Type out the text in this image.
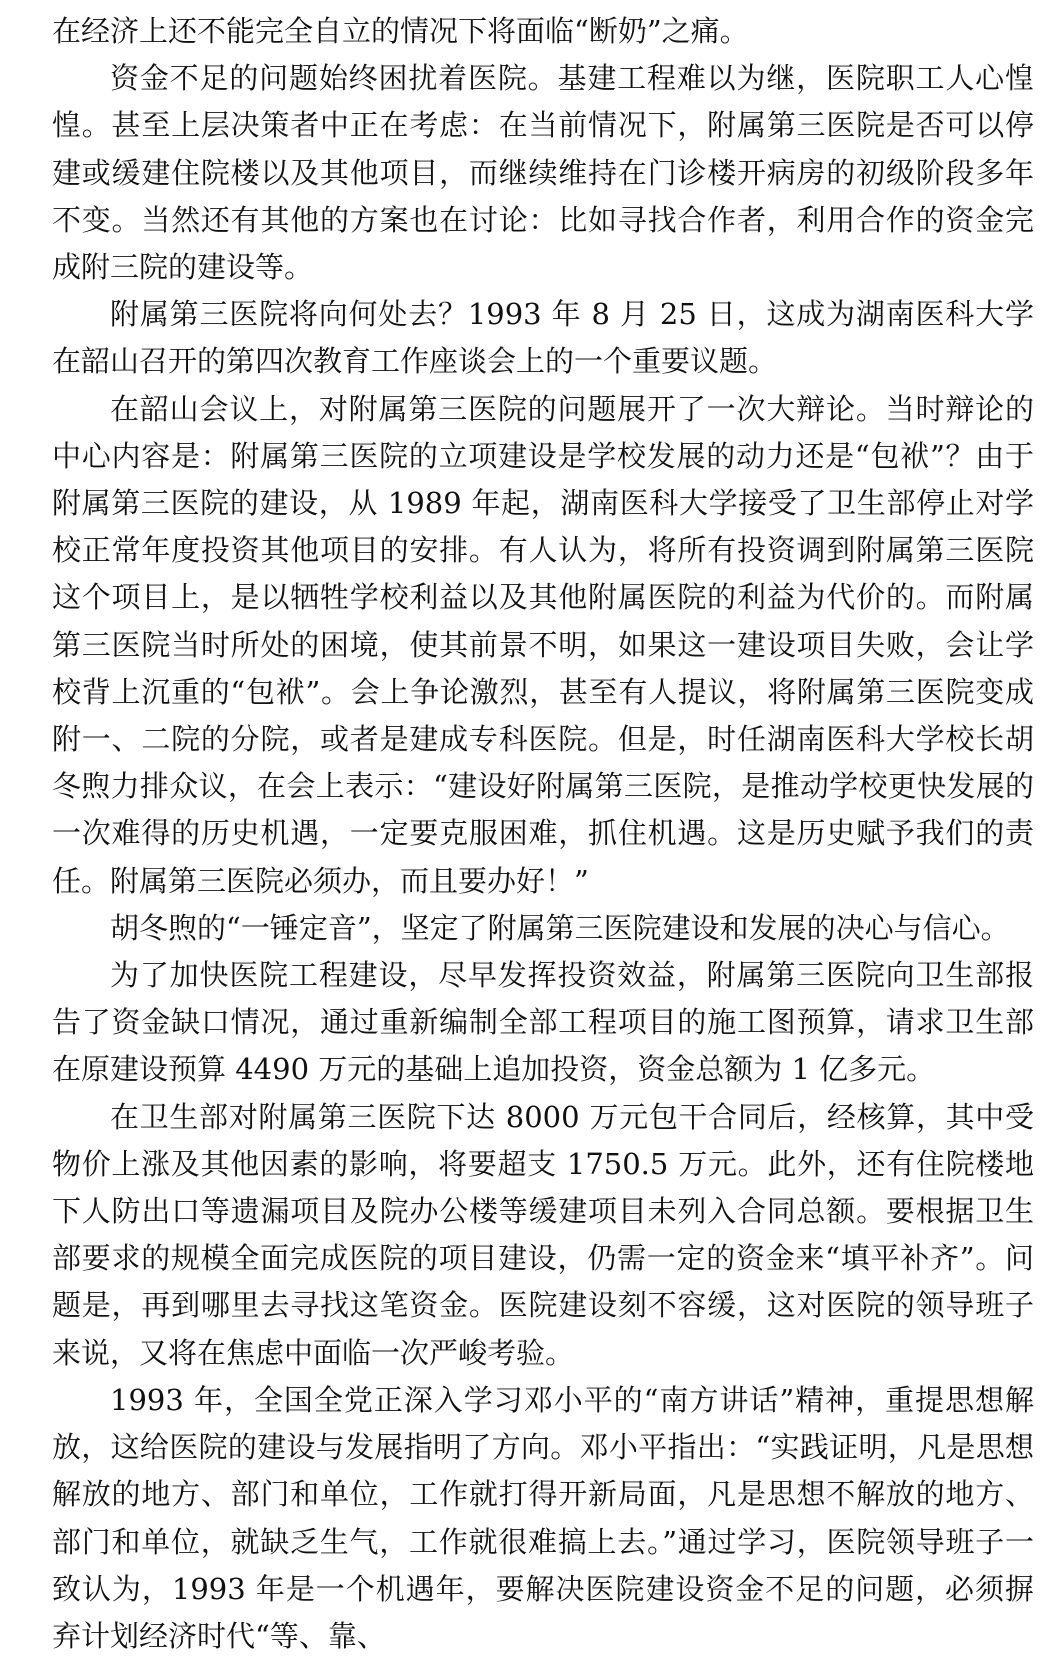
在经济上还不能完全自立的情况下将面临“断奶”之痛。

资金不足的问题始终困扰着医院。基建工程难以为继，医院职工人心惶惶。甚至上层决策者中正在考虑：在当前情况下，附属第三医院是否可以停建或缓建住院楼以及其他项目，而继续维持在门诊楼开病房的初级阶段多年不变。当然还有其他的方案也在讨论：比如寻找合作者，利用合作的资金完成附三院的建设等。

附属第三医院将向何处去？1993 年 8 月 25 日，这成为湖南医科大学在韶山召开的第四次教育工作座谈会上的一个重要议题。

在韶山会议上，对附属第三医院的问题展开了一次大辩论。当时辩论的中心内容是：附属第三医院的立项建设是学校发展的动力还是“包袱”？由于附属第三医院的建设，从 1989 年起，湖南医科大学接受了卫生部停止对学校正常年度投资其他项目的安排。有人认为，将所有投资调到附属第三医院这个项目上，是以牺牲学校利益以及其他附属医院的利益为代价的。而附属第三医院当时所处的困境，使其前景不明，如果这一建设项目失败，会让学校背上沉重的“包袱”。会上争论激烈，甚至有人提议，将附属第三医院变成附一、二院的分院，或者是建成专科医院。但是，时任湖南医科大学校长胡冬煦力排众议，在会上表示：“建设好附属第三医院，是推动学校更快发展的一次难得的历史机遇，一定要克服困难，抓住机遇。这是历史赋予我们的责任。附属第三医院必须办，而且要办好！”

胡冬煦的“一锤定音”，坚定了附属第三医院建设和发展的决心与信心。

为了加快医院工程建设，尽早发挥投资效益，附属第三医院向卫生部报告了资金缺口情况，通过重新编制全部工程项目的施工图预算，请求卫生部在原建设预算 4490 万元的基础上追加投资，资金总额为 1 亿多元。

在卫生部对附属第三医院下达 8000 万元包干合同后，经核算，其中受物价上涨及其他因素的影响，将要超支 1750.5 万元。此外，还有住院楼地下人防出口等遗漏项目及院办公楼等缓建项目未列入合同总额。要根据卫生部要求的规模全面完成医院的项目建设，仍需一定的资金来“填平补齐”。问题是，再到哪里去寻找这笔资金。医院建设刻不容缓，这对医院的领导班子来说，又将在焦虑中面临一次严峻考验。

1993 年，全国全党正深入学习邓小平的“南方讲话”精神，重提思想解放，这给医院的建设与发展指明了方向。邓小平指出：“实践证明，凡是思想解放的地方、部门和单位，工作就打得开新局面，凡是思想不解放的地方、部门和单位，就缺乏生气，工作就很难搞上去。”通过学习，医院领导班子一致认为，1993 年是一个机遇年，要解决医院建设资金不足的问题，必须摒弃计划经济时代“等、靠、
